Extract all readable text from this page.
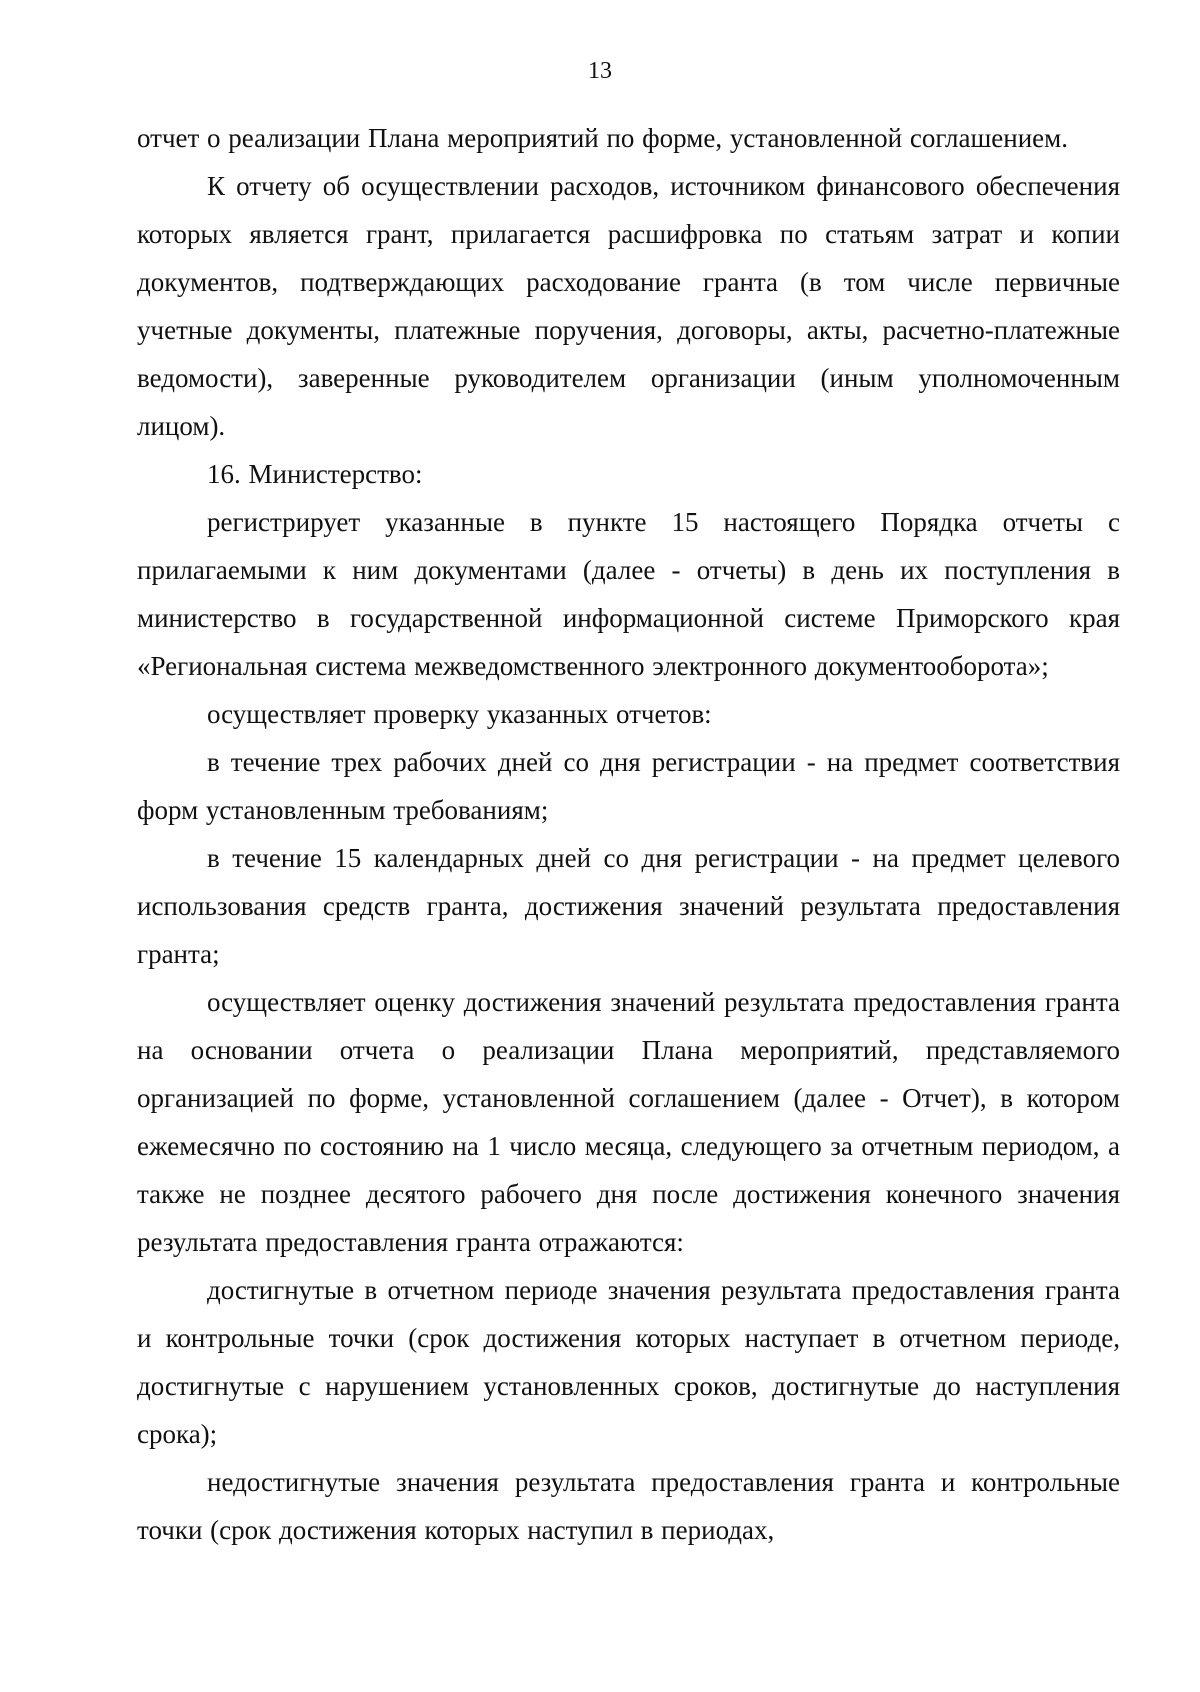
13

отчет о реализации Плана мероприятий по форме, установленной соглашением.

К отчету об осуществлении расходов, источником финансового обеспечения которых является грант, прилагается расшифровка по статьям затрат и копии документов, подтверждающих расходование гранта (в том числе первичные учетные документы, платежные поручения, договоры, акты, расчетно-платежные ведомости), заверенные руководителем организации (иным уполномоченным лицом).

16. Министерство:

регистрирует указанные в пункте 15 настоящего Порядка отчеты с прилагаемыми к ним документами (далее - отчеты) в день их поступления в министерство в государственной информационной системе Приморского края «Региональная система межведомственного электронного документооборота»;

осуществляет проверку указанных отчетов:

в течение трех рабочих дней со дня регистрации - на предмет соответствия форм установленным требованиям;

в течение 15 календарных дней со дня регистрации - на предмет целевого использования средств гранта, достижения значений результата предоставления гранта;

осуществляет оценку достижения значений результата предоставления гранта на основании отчета о реализации Плана мероприятий, представляемого организацией по форме, установленной соглашением (далее - Отчет), в котором ежемесячно по состоянию на 1 число месяца, следующего за отчетным периодом, а также не позднее десятого рабочего дня после достижения конечного значения результата предоставления гранта отражаются:

достигнутые в отчетном периоде значения результата предоставления гранта и контрольные точки (срок достижения которых наступает в отчетном периоде, достигнутые с нарушением установленных сроков, достигнутые до наступления срока);

недостигнутые значения результата предоставления гранта и контрольные точки (срок достижения которых наступил в периодах,
